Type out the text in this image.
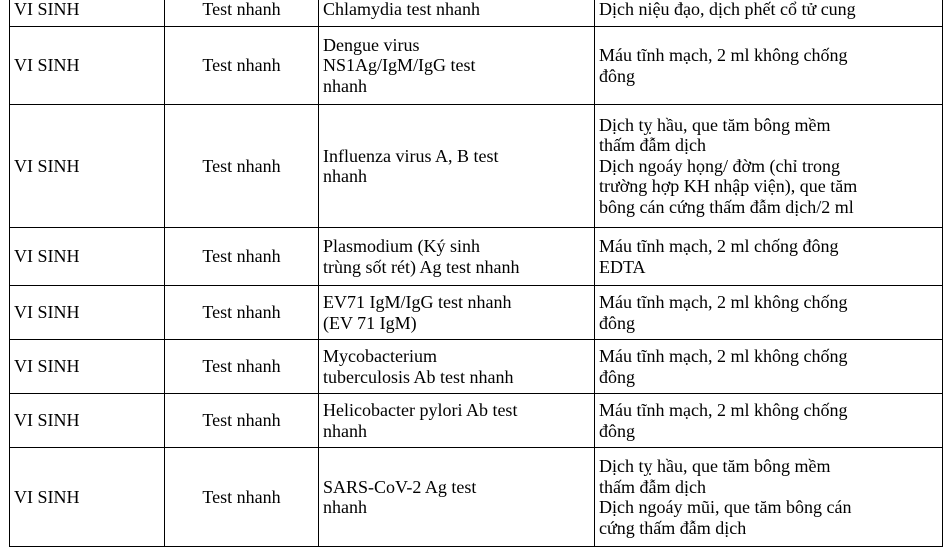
VI SINH	Test nhanh	Chlamydia test nhanh	Dịch niệu đạo, dịch phết cổ tử cung
VI SINH	Test nhanh	Dengue virus
NS1Ag/IgM/IgG test
nhanh	Máu tĩnh mạch, 2 ml không chống
đông
VI SINH	Test nhanh	Influenza virus A, B test
nhanh	Dịch tỵ hầu, que tăm bông mềm
thấm đẫm dịch
Dịch ngoáy họng/ đờm (chỉ trong
trường hợp KH nhập viện), que tăm
bông cán cứng thấm đẫm dịch/2 ml
VI SINH	Test nhanh	Plasmodium (Ký sinh
trùng sốt rét) Ag test nhanh	Máu tĩnh mạch, 2 ml chống đông
EDTA
VI SINH	Test nhanh	EV71 IgM/IgG test nhanh
(EV 71 IgM)	Máu tĩnh mạch, 2 ml không chống
đông
VI SINH	Test nhanh	Mycobacterium
tuberculosis Ab test nhanh	Máu tĩnh mạch, 2 ml không chống
đông
VI SINH	Test nhanh	Helicobacter pylori Ab test
nhanh	Máu tĩnh mạch, 2 ml không chống
đông
VI SINH	Test nhanh	SARS-CoV-2 Ag test
nhanh	Dịch tỵ hầu, que tăm bông mềm
thấm đẫm dịch
Dịch ngoáy mũi, que tăm bông cán
cứng thấm đẫm dịch
